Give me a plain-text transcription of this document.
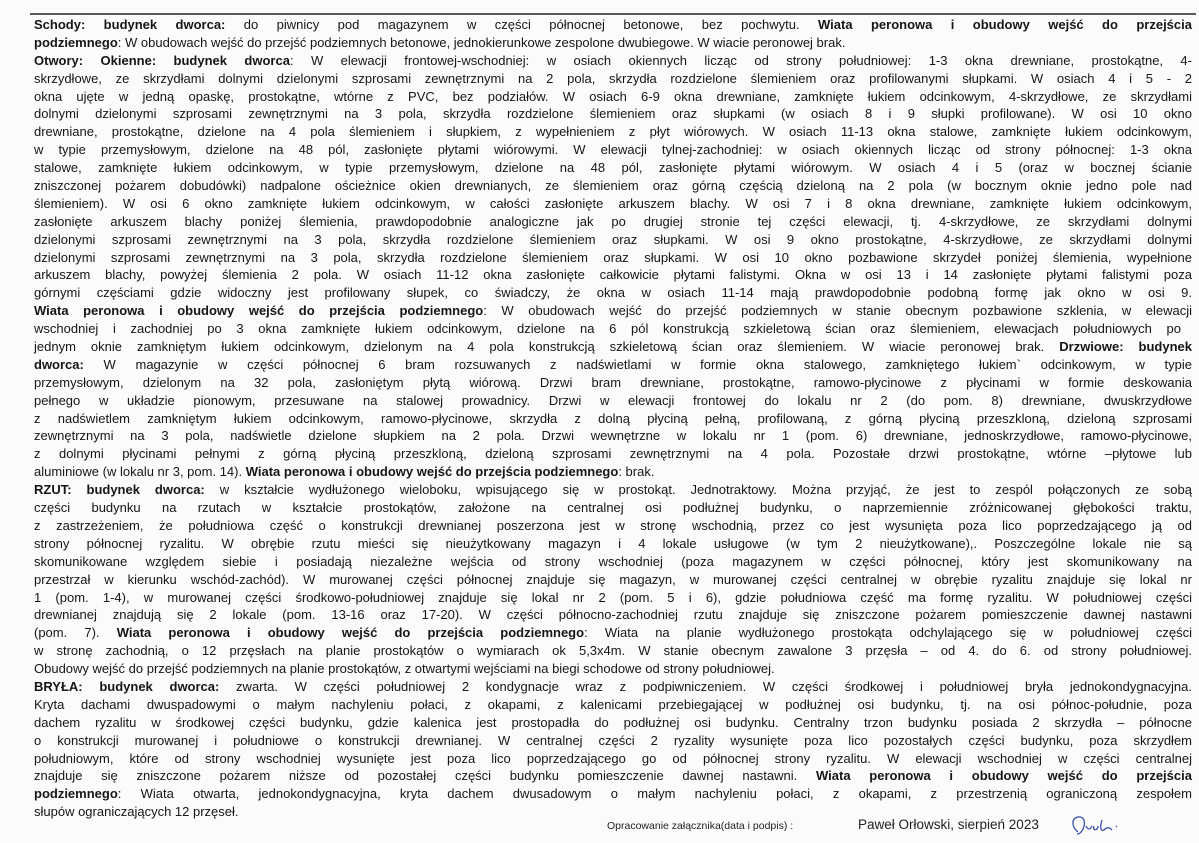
Schody: budynek dworca: do piwnicy pod magazynem w części północnej betonowe, bez pochwytu. Wiata peronowa i obudowy wejść do przejścia
podziemnego: W obudowach wejść do przejść podziemnych betonowe, jednokierunkowe zespolone dwubiegowe. W wiacie peronowej brak.
Otwory: Okienne: budynek dworca: W elewacji frontowej-wschodniej: w osiach okiennych licząc od strony południowej: 1-3 okna drewniane, prostokątne, 4-
skrzydłowe, ze skrzydłami dolnymi dzielonymi szprosami zewnętrznymi na 2 pola, skrzydła rozdzielone ślemieniem oraz profilowanymi słupkami. W osiach 4 i 5 - 2
okna ujęte w jedną opaskę, prostokątne, wtórne z PVC, bez podziałów. W osiach 6-9 okna drewniane, zamknięte łukiem odcinkowym, 4-skrzydłowe, ze skrzydłami
dolnymi dzielonymi szprosami zewnętrznymi na 3 pola, skrzydła rozdzielone ślemieniem oraz słupkami (w osiach 8 i 9 słupki profilowane). W osi 10 okno
drewniane, prostokątne, dzielone na 4 pola ślemieniem i słupkiem, z wypełnieniem z płyt wiórowych. W osiach 11-13 okna stalowe, zamknięte łukiem odcinkowym,
w typie przemysłowym, dzielone na 48 pól, zasłonięte płytami wiórowymi. W elewacji tylnej-zachodniej: w osiach okiennych licząc od strony północnej: 1-3 okna
stalowe, zamknięte łukiem odcinkowym, w typie przemysłowym, dzielone na 48 pól, zasłonięte płytami wiórowym. W osiach 4 i 5 (oraz w bocznej ścianie
zniszczonej pożarem dobudówki) nadpalone ościeżnice okien drewnianych, ze ślemieniem oraz górną częścią dzieloną na 2 pola (w bocznym oknie jedno pole nad
ślemieniem). W osi 6 okno zamknięte łukiem odcinkowym, w całości zasłonięte arkuszem blachy. W osi 7 i 8 okna drewniane, zamknięte łukiem odcinkowym,
zasłonięte arkuszem blachy poniżej ślemienia, prawdopodobnie analogiczne jak po drugiej stronie tej części elewacji, tj. 4-skrzydłowe, ze skrzydłami dolnymi
dzielonymi szprosami zewnętrznymi na 3 pola, skrzydła rozdzielone ślemieniem oraz słupkami. W osi 9 okno prostokątne, 4-skrzydłowe, ze skrzydłami dolnymi
dzielonymi szprosami zewnętrznymi na 3 pola, skrzydła rozdzielone ślemieniem oraz słupkami. W osi 10 okno pozbawione skrzydeł poniżej ślemienia, wypełnione
arkuszem blachy, powyżej ślemienia 2 pola. W osiach 11-12 okna zasłonięte całkowicie płytami falistymi. Okna w osi 13 i 14 zasłonięte płytami falistymi poza
górnymi częściami gdzie widoczny jest profilowany słupek, co świadczy, że okna w osiach 11-14 mają prawdopodobnie podobną formę jak okno w osi 9.
Wiata peronowa i obudowy wejść do przejścia podziemnego: W obudowach wejść do przejść podziemnych w stanie obecnym pozbawione szklenia, w elewacji
wschodniej i zachodniej po 3 okna zamknięte łukiem odcinkowym, dzielone na 6 pól konstrukcją szkieletową ścian oraz ślemieniem, elewacjach południowych po
jednym oknie zamkniętym łukiem odcinkowym, dzielonym na 4 pola konstrukcją szkieletową ścian oraz ślemieniem. W wiacie peronowej brak. Drzwiowe: budynek
dworca: W magazynie w części północnej 6 bram rozsuwanych z nadświetlami w formie okna stalowego, zamkniętego łukiem` odcinkowym, w typie
przemysłowym, dzielonym na 32 pola, zasłoniętym płytą wiórową. Drzwi bram drewniane, prostokątne, ramowo-płycinowe z płycinami w formie deskowania
pełnego w układzie pionowym, przesuwane na stalowej prowadnicy. Drzwi w elewacji frontowej do lokalu nr 2 (do pom. 8) drewniane, dwuskrzydłowe
z nadświetlem zamkniętym łukiem odcinkowym, ramowo-płycinowe, skrzydła z dolną płyciną pełną, profilowaną, z górną płyciną przeszkloną, dzieloną szprosami
zewnętrznymi na 3 pola, nadświetle dzielone słupkiem na 2 pola. Drzwi wewnętrzne w lokalu nr 1 (pom. 6) drewniane, jednoskrzydłowe, ramowo-płycinowe,
z dolnymi płycinami pełnymi z górną płyciną przeszkloną, dzieloną szprosami zewnętrznymi na 4 pola. Pozostałe drzwi prostokątne, wtórne –płytowe lub
aluminiowe (w lokalu nr 3, pom. 14). Wiata peronowa i obudowy wejść do przejścia podziemnego: brak.
RZUT: budynek dworca: w kształcie wydłużonego wieloboku, wpisującego się w prostokąt. Jednotraktowy. Można przyjąć, że jest to zespól połączonych ze sobą
części budynku na rzutach w kształcie prostokątów, założone na centralnej osi podłużnej budynku, o naprzemiennie zróżnicowanej głębokości traktu,
z zastrzeżeniem, że południowa część o konstrukcji drewnianej poszerzona jest w stronę wschodnią, przez co jest wysunięta poza lico poprzedzającego ją od
strony północnej ryzalitu. W obrębie rzutu mieści się nieużytkowany magazyn i 4 lokale usługowe (w tym 2 nieużytkowane),. Poszczególne lokale nie są
skomunikowane względem siebie i posiadają niezależne wejścia od strony wschodniej (poza magazynem w części północnej, który jest skomunikowany na
przestrzał w kierunku wschód-zachód). W murowanej części północnej znajduje się magazyn, w murowanej części centralnej w obrębie ryzalitu znajduje się lokal nr
1 (pom. 1-4), w murowanej części środkowo-południowej znajduje się lokal nr 2 (pom. 5 i 6), gdzie południowa część ma formę ryzalitu. W południowej części
drewnianej znajdują się 2 lokale (pom. 13-16 oraz 17-20). W części północno-zachodniej rzutu znajduje się zniszczone pożarem pomieszczenie dawnej nastawni
(pom. 7). Wiata peronowa i obudowy wejść do przejścia podziemnego: Wiata na planie wydłużonego prostokąta odchylającego się w południowej części
w stronę zachodnią, o 12 przęsłach na planie prostokątów o wymiarach ok 5,3x4m. W stanie obecnym zawalone 3 przęsła – od 4. do 6. od strony południowej.
Obudowy wejść do przejść podziemnych na planie prostokątów, z otwartymi wejściami na biegi schodowe od strony południowej.
BRYŁA: budynek dworca: zwarta. W części południowej 2 kondygnacje wraz z podpiwniczeniem. W części środkowej i południowej bryła jednokondygnacyjna.
Kryta dachami dwuspadowymi o małym nachyleniu połaci, z okapami, z kalenicami przebiegającej w podłużnej osi budynku, tj. na osi północ-południe, poza
dachem ryzalitu w środkowej części budynku, gdzie kalenica jest prostopadła do podłużnej osi budynku. Centralny trzon budynku posiada 2 skrzydła – północne
o konstrukcji murowanej i południowe o konstrukcji drewnianej. W centralnej części 2 ryzality wysunięte poza lico pozostałych części budynku, poza skrzydłem
południowym, które od strony wschodniej wysunięte jest poza lico poprzedzającego go od północnej strony ryzalitu. W elewacji wschodniej w części centralnej
znajduje się zniszczone pożarem niższe od pozostałej części budynku pomieszczenie dawnej nastawni. Wiata peronowa i obudowy wejść do przejścia
podziemnego: Wiata otwarta, jednokondygnacyjna, kryta dachem dwusadowym o małym nachyleniu połaci, z okapami, z przestrzenią ograniczoną zespołem
słupów ograniczających 12 przęseł.
Opracowanie załącznika(data i podpis) :	Paweł Orłowski, sierpień 2023
